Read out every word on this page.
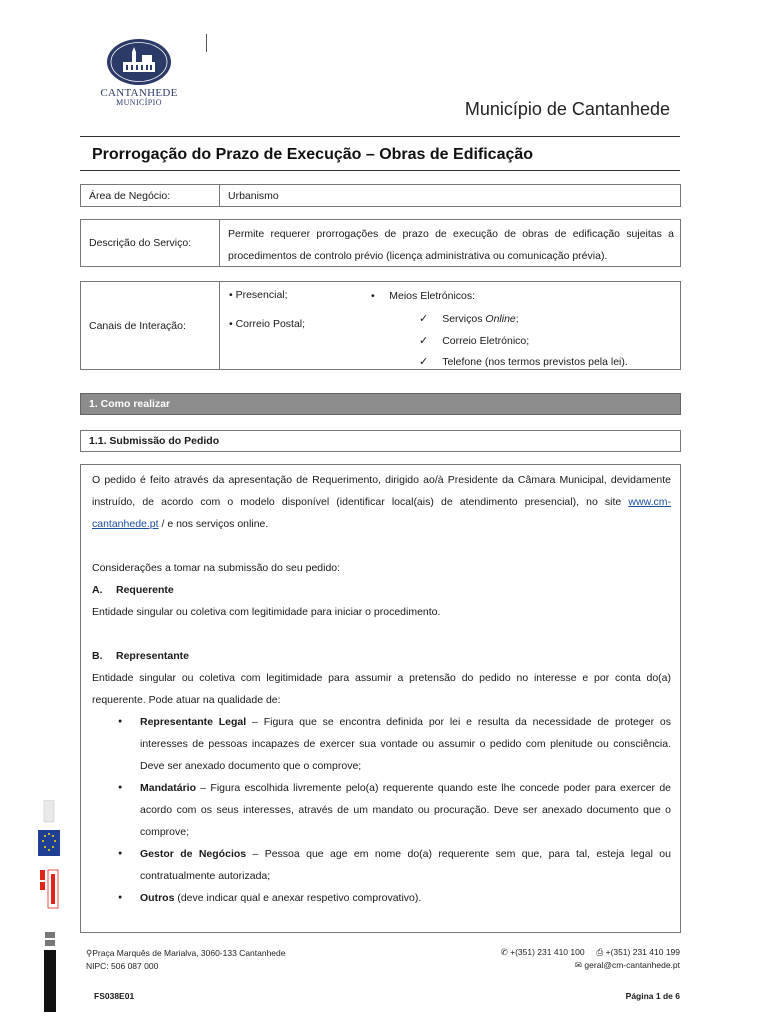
CANTANHEDE
MUNICÍPIO	Município de Cantanhede
Prorrogação do Prazo de Execução – Obras de Edificação
Área de Negócio:	Urbanismo
Descrição do Serviço:
Permite requerer prorrogações de prazo de execução de obras de edificação sujeitas a procedimentos de controlo prévio (licença administrativa ou comunicação prévia).
Canais de Interação:
• Presencial;
• Correio Postal;
•     Meios Eletrónicos:
✓ Serviços Online;
✓ Correio Eletrónico;
✓ Telefone (nos termos previstos pela lei).
1. Como realizar
1.1. Submissão do Pedido

O pedido é feito através da apresentação de Requerimento, dirigido ao/à Presidente da Câmara Municipal, devidamente instruído, de acordo com o modelo disponível (identificar local(ais) de atendimento presencial), no site www.cm-cantanhede.pt / e nos serviços online.

Considerações a tomar na submissão do seu pedido:

A. Requerente

Entidade singular ou coletiva com legitimidade para iniciar o procedimento.

B. Representante

Entidade singular ou coletiva com legitimidade para assumir a pretensão do pedido no interesse e por conta do(a) requerente. Pode atuar na qualidade de:

● Representante Legal – Figura que se encontra definida por lei e resulta da necessidade de proteger os interesses de pessoas incapazes de exercer sua vontade ou assumir o pedido com plenitude ou consciência. Deve ser anexado documento que o comprove;
● Mandatário – Figura escolhida livremente pelo(a) requerente quando este lhe concede poder para exercer de acordo com os seus interesses, através de um mandato ou procuração. Deve ser anexado documento que o comprove;
● Gestor de Negócios – Pessoa que age em nome do(a) requerente sem que, para tal, esteja legal ou contratualmente autorizada;
● Outros (deve indicar qual e anexar respetivo comprovativo).
⚲Praça Marquês de Marialva, 3060-133 Cantanhede
NIPC: 506 087 000
✆ +(351) 231 410 100 ⎙ +(351) 231 410 199
✉ geral@cm-cantanhede.pt
FS038E01	Página 1 de 6
